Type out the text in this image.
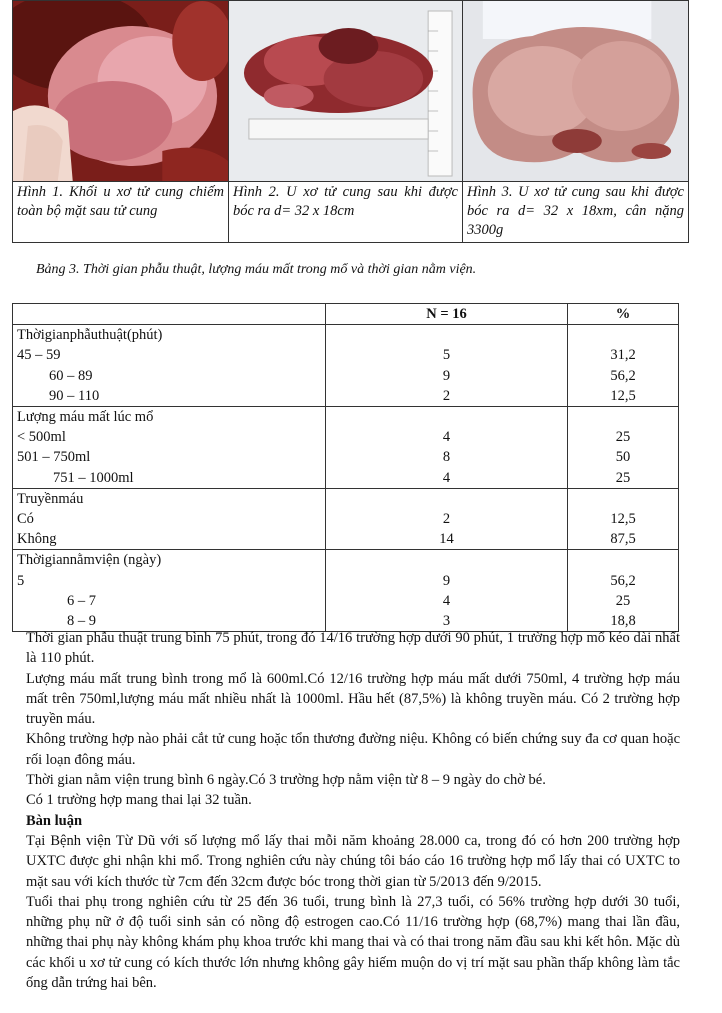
Hình 1. Khối u xơ tử cung chiếm toàn bộ mặt sau tử cung	Hình 2. U xơ tử cung sau khi được bóc ra d= 32 x 18cm	Hình 3. U xơ tử cung sau khi được bóc ra d= 32 x 18xm, cân nặng 3300g
Bảng 3. Thời gian phẫu thuật, lượng máu mất trong mổ và thời gian nằm viện.
	N = 16	%
Thờigianphẫuthuật(phút)		
45 – 59	5	31,2
60 – 89	9	56,2
90 – 110	2	12,5
Lượng máu mất lúc mổ		
< 500ml	4	25
501 – 750ml	8	50
751 – 1000ml	4	25
Truyềnmáu		
Có	2	12,5
Không	14	87,5
Thờigiannằmviện (ngày)		
5	9	56,2
6 – 7	4	25
8 – 9	3	18,8

Thời gian phẫu thuật trung bình 75 phút, trong đó 14/16 trường hợp dưới 90 phút, 1 trường hợp mổ kéo dài nhất là 110 phút.

Lượng máu mất trung bình trong mổ là 600ml.Có 12/16 trường hợp máu mất dưới 750ml, 4 trường hợp máu mất trên 750ml,lượng máu mất nhiều nhất là 1000ml. Hầu hết (87,5%) là không truyền máu. Có 2 trường hợp truyền máu.

Không trường hợp nào phải cắt tử cung hoặc tổn thương đường niệu. Không có biến chứng suy đa cơ quan hoặc rối loạn đông máu.

Thời gian nằm viện trung bình 6 ngày.Có 3 trường hợp nằm viện từ 8 – 9 ngày do chờ bé.

Có 1 trường hợp mang thai lại 32 tuần.

Bàn luận

Tại Bệnh viện Từ Dũ với số lượng mổ lấy thai mỗi năm khoảng 28.000 ca, trong đó có hơn 200 trường hợp UXTC được ghi nhận khi mổ. Trong nghiên cứu này chúng tôi báo cáo 16 trường hợp mổ lấy thai có UXTC to mặt sau với kích thước từ 7cm đến 32cm được bóc trong thời gian từ 5/2013 đến 9/2015.

Tuổi thai phụ trong nghiên cứu từ 25 đến 36 tuổi, trung bình là 27,3 tuổi, có 56% trường hợp dưới 30 tuổi, những phụ nữ ở độ tuổi sinh sản có nồng độ estrogen cao.Có 11/16 trường hợp (68,7%) mang thai lần đầu, những thai phụ này không khám phụ khoa trước khi mang thai và có thai trong năm đầu sau khi kết hôn. Mặc dù các khối u xơ tử cung có kích thước lớn nhưng không gây hiếm muộn do vị trí mặt sau phần thấp không làm tắc ống dẫn trứng hai bên.
